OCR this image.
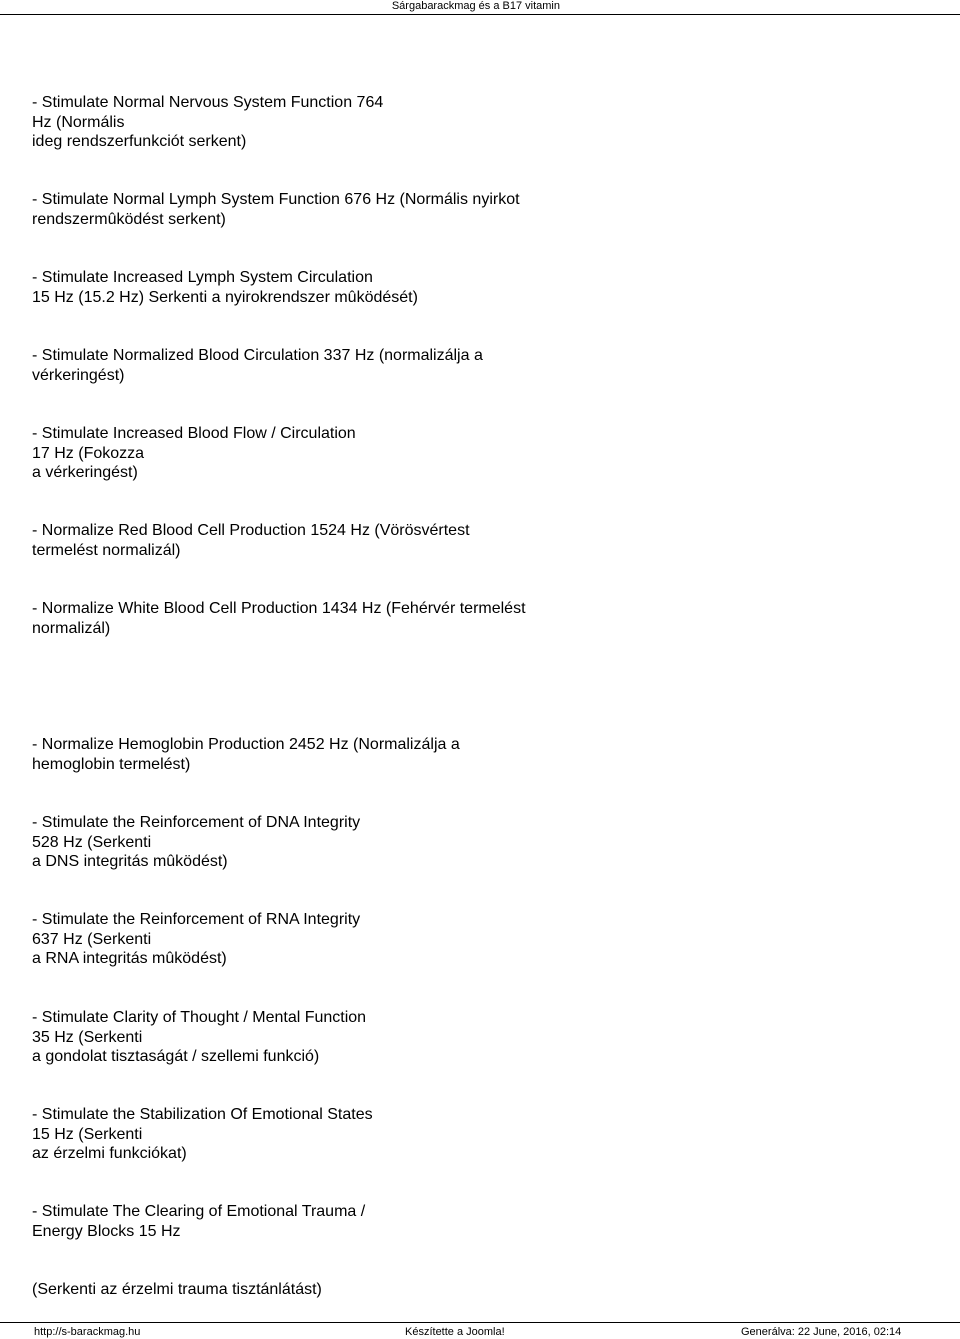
Sárgabarackmag és a B17 vitamin
- Stimulate Normal Nervous System Function 764
Hz (Normális
ideg rendszerfunkciót serkent)
- Stimulate Normal Lymph System Function 676 Hz (Normális nyirkot
rendszermûködést serkent)
- Stimulate Increased Lymph System Circulation
15 Hz (15.2 Hz) Serkenti a nyirokrendszer mûködését)
- Stimulate Normalized Blood Circulation 337 Hz (normalizálja a
vérkeringést)
- Stimulate Increased Blood Flow / Circulation
17 Hz (Fokozza
a vérkeringést)
- Normalize Red Blood Cell Production 1524 Hz (Vörösvértest
termelést normalizál)
- Normalize White Blood Cell Production 1434 Hz (Fehérvér termelést
normalizál)
- Normalize Hemoglobin Production 2452 Hz (Normalizálja a
hemoglobin termelést)
- Stimulate the Reinforcement of DNA Integrity
528 Hz (Serkenti
a DNS integritás mûködést)
- Stimulate the Reinforcement of RNA Integrity
637 Hz (Serkenti
a RNA integritás mûködést)
- Stimulate Clarity of Thought / Mental Function
35 Hz (Serkenti
a gondolat tisztaságát / szellemi funkció)
- Stimulate the Stabilization Of Emotional States
15 Hz (Serkenti
az érzelmi funkciókat)
- Stimulate The Clearing of Emotional Trauma /
Energy Blocks 15 Hz
(Serkenti az érzelmi trauma tisztánlátást)
http://s-barackmag.hu	Készítette a Joomla!	Generálva: 22 June, 2016, 02:14
